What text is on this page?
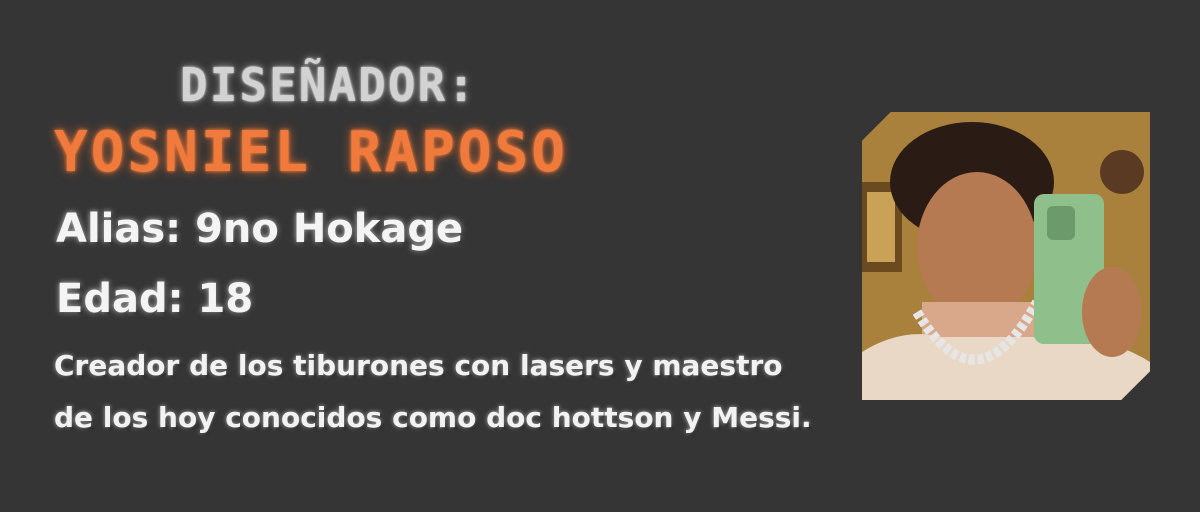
DISEÑADOR:
YOSNIEL RAPOSO
Alias: 9no Hokage
Edad: 18
Creador de los tiburones con lasers y maestro
de los hoy conocidos como doc hottson y Messi.
